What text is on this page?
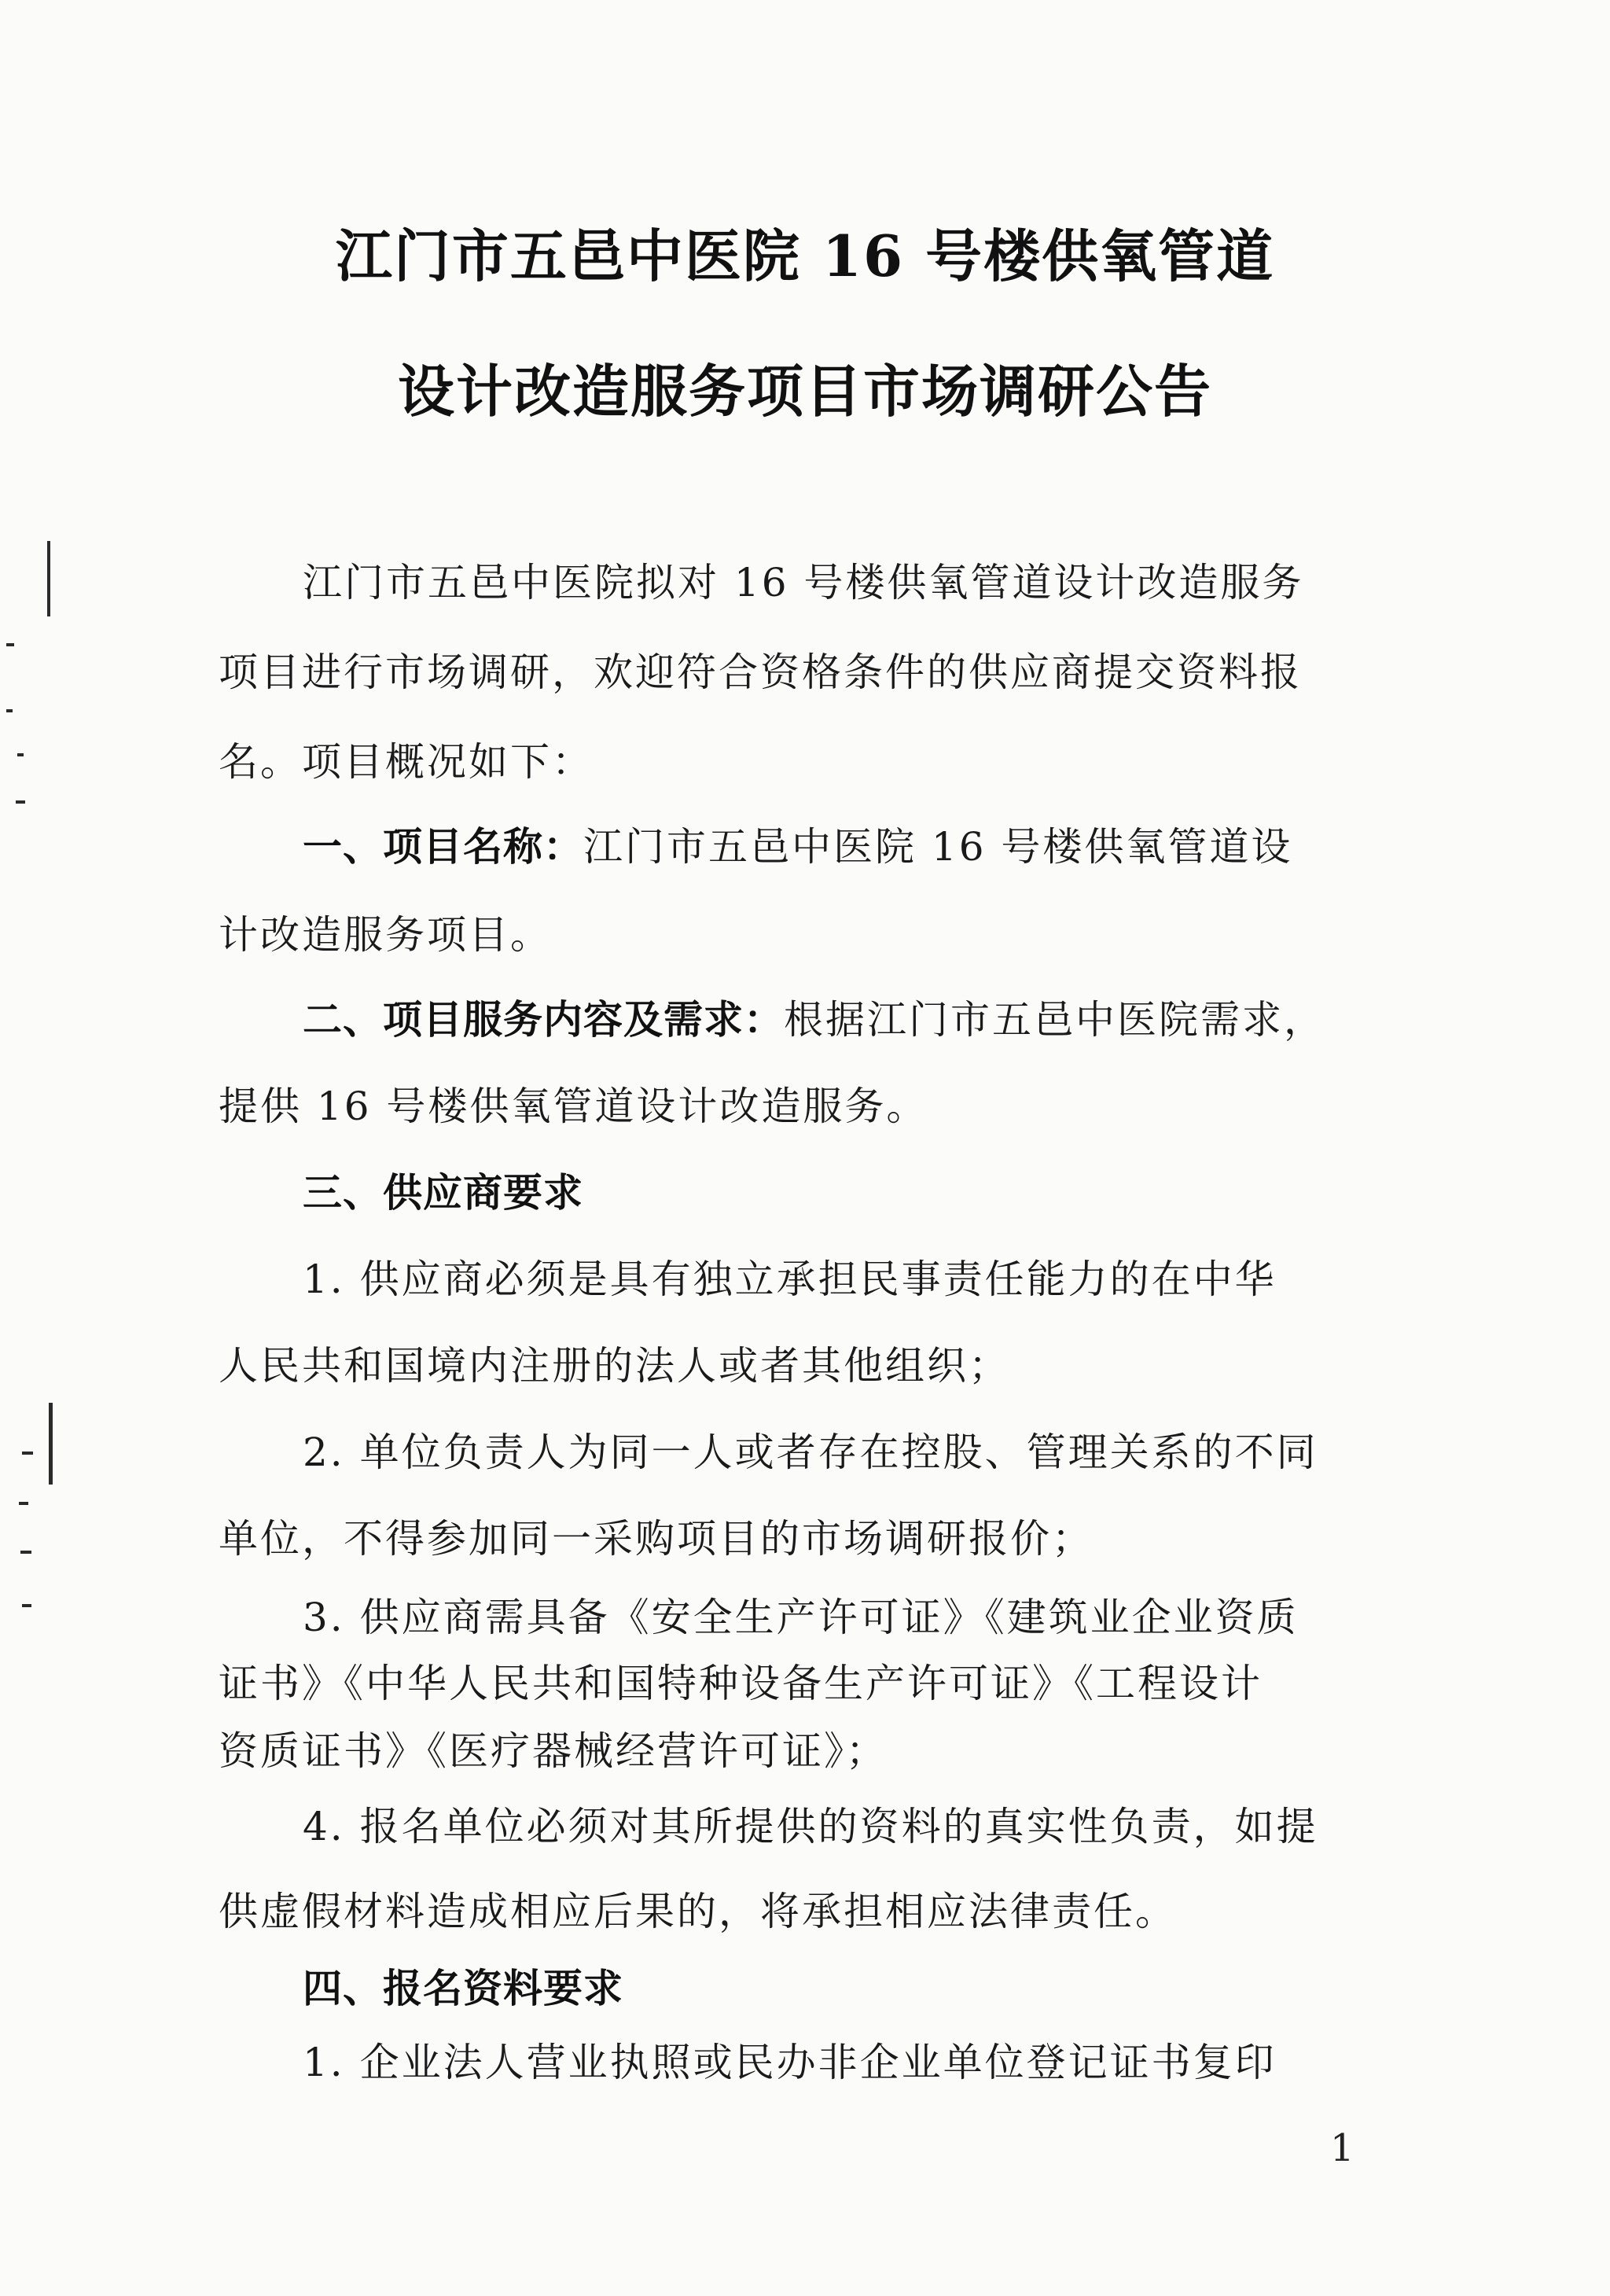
江门市五邑中医院 16 号楼供氧管道
设计改造服务项目市场调研公告
江门市五邑中医院拟对 16 号楼供氧管道设计改造服务
项目进行市场调研，欢迎符合资格条件的供应商提交资料报
名。项目概况如下：
一、项目名称：江门市五邑中医院 16 号楼供氧管道设
计改造服务项目。
二、项目服务内容及需求：根据江门市五邑中医院需求，
提供 16 号楼供氧管道设计改造服务。
三、供应商要求
1. 供应商必须是具有独立承担民事责任能力的在中华
人民共和国境内注册的法人或者其他组织；
2. 单位负责人为同一人或者存在控股、管理关系的不同
单位，不得参加同一采购项目的市场调研报价；
3. 供应商需具备《安全生产许可证》《建筑业企业资质
证书》《中华人民共和国特种设备生产许可证》《工程设计
资质证书》《医疗器械经营许可证》；
4. 报名单位必须对其所提供的资料的真实性负责，如提
供虚假材料造成相应后果的，将承担相应法律责任。
四、报名资料要求
1. 企业法人营业执照或民办非企业单位登记证书复印
1
